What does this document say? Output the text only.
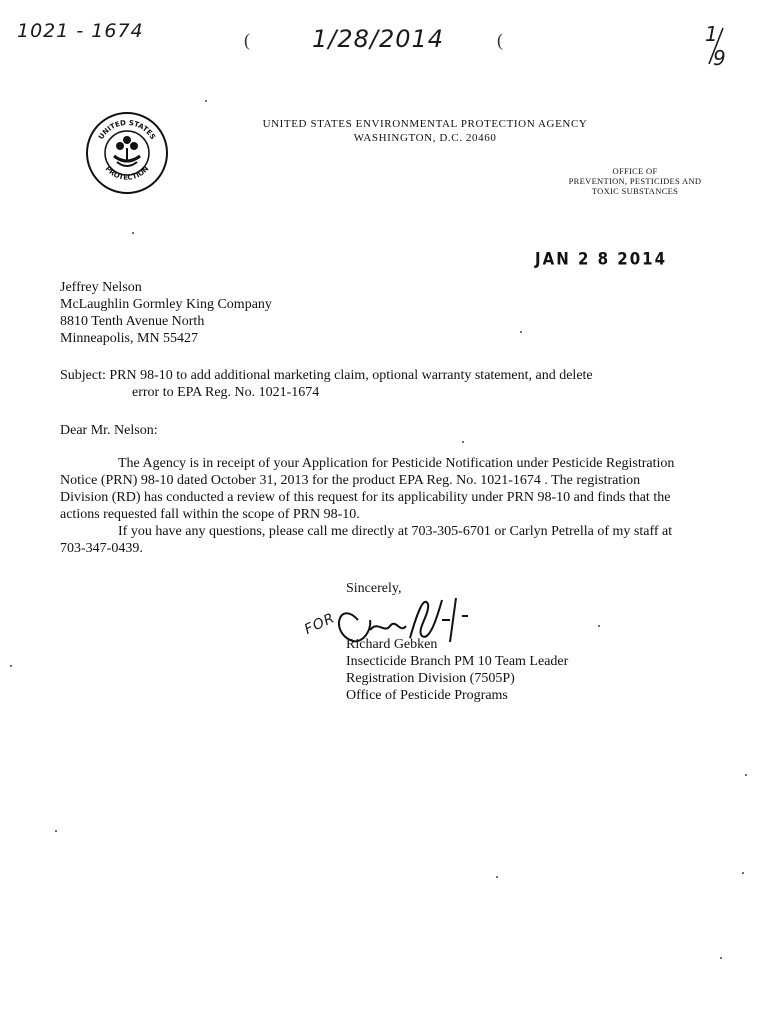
1021 - 1674	(	1/28/2014	(	1
9
UNITED STATES
PROTECTION
UNITED STATES ENVIRONMENTAL PROTECTION AGENCY
WASHINGTON, D.C. 20460
OFFICE OF
PREVENTION, PESTICIDES AND
TOXIC SUBSTANCES
JAN 2 8 2014
Jeffrey Nelson
McLaughlin Gormley King Company
8810 Tenth Avenue North
Minneapolis, MN 55427
Subject: PRN 98-10 to add additional marketing claim, optional warranty statement, and delete
error to EPA Reg. No. 1021-1674
Dear Mr. Nelson:

The Agency is in receipt of your Application for Pesticide Notification under Pesticide Registration Notice (PRN) 98-10 dated October 31, 2013 for the product EPA Reg. No. 1021-1674 . The registration Division (RD) has conducted a review of this request for its applicability under PRN 98-10 and finds that the actions requested fall within the scope of PRN 98-10.

If you have any questions, please call me directly at 703-305-6701 or Carlyn Petrella of my staff at 703-347-0439.

Sincerely,
FOR
Richard Gebken
Insecticide Branch PM 10 Team Leader
Registration Division (7505P)
Office of Pesticide Programs
